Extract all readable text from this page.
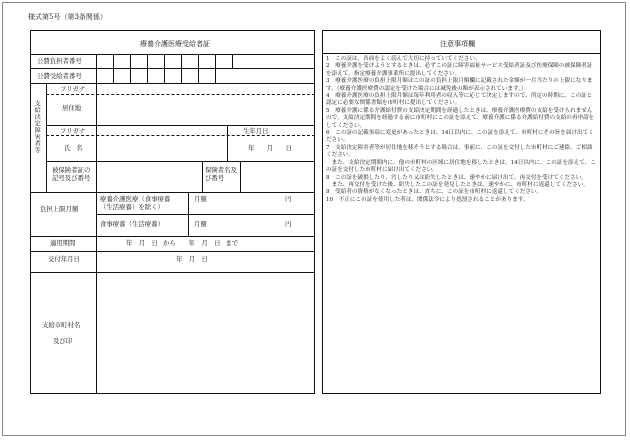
様式第5号（第3条関係）
療養介護医療受給者証
公費負担者番号
公費受給者番号
支給決定障害者等
フリガナ
居住地
フリガナ	生年月日
氏名	年　月　日
被保険者証の記号及び番号
保険者名及び番号
負担上限月額
療養介護医療（食事療養（生活療養）を除く）
月額	円
食事療養（生活療養）	月額	円
適用期間	年　月　日 から　　年　月　日 まで
交付年月日	年　月　日
支給市町村名
及び印
注意事項欄

1　この証は、各面をよく読んで大切に持っていてください。

2　療養介護を受けようとするときは、必ずこの証に障害福祉サービス受給者証及び医療保険の被保険者証を添えて、指定療養介護事業所に提出してください。

3　療養介護医療の負担上限月額はこの証の負担上限月額欄に記載された金額が一月当たりの上限になります。（療養介護医療費の認定を受けた場合には減免後の額が表示されています。）

4　療養介護医療の負担上限月額は毎年利用者の収入等に応じて決定しますので、所定の時期に、この証と認定に必要な関係書類を市町村に提出してください。

5　療養介護に係る介護給付費の支給決定期間を経過したときは、療養介護医療費の支給を受けられませんので、支給決定期間を経過する前に市町村にこの証を添えて、療養介護に係る介護給付費の支給の再申請をしてください。

6　この証の記載事項に変更があったときは、14日以内に、この証を添えて、市町村にその旨を届け出てください。

7　支給決定障害者等が居住地を移そうとする場合は、事前に、この証を交付した市町村にご連絡、ご相談ください。

　また、支給決定期間内に、他の市町村の区域に居住地を移したときは、14日以内に、この証を添えて、この証を交付した市町村に届け出てください。

8　この証を破損したり、汚したり又は紛失したときは、速やかに届け出て、再交付を受けてください。

　また、再交付を受けた後、紛失したこの証を発見したときは、速やかに、市町村に返還してください。

9　受給者の資格がなくなったときは、直ちに、この証を市町村に返還してください。

10　不正にこの証を使用した者は、関係法令により処罰されることがあります。
